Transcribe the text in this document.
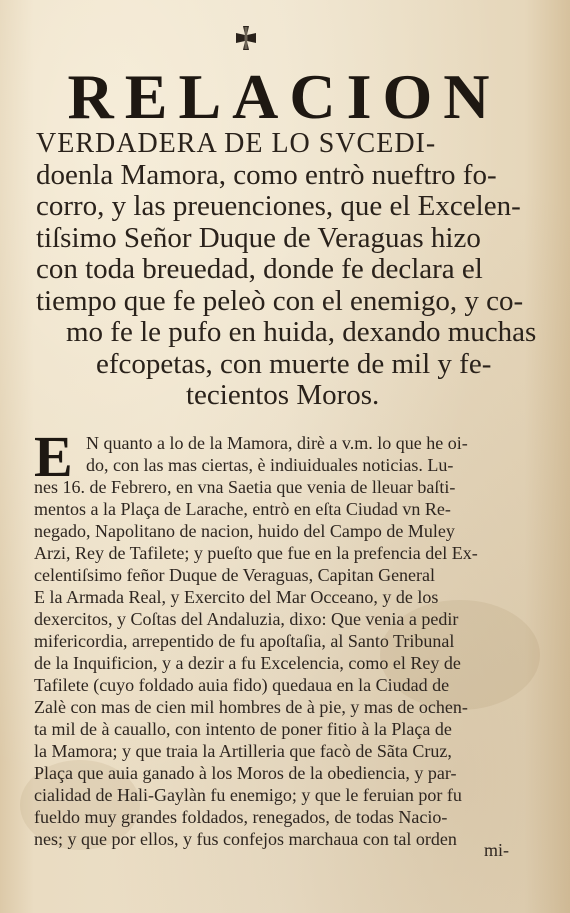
RELACION
VERDADERA DE LO SVCEDI-
doenla Mamora, como entrò nueftro fo-
corro, y las preuenciones, que el Excelen-
tiſsimo Señor Duque de Veraguas hizo
con toda breuedad, donde fe declara el
tiempo que fe peleò con el enemigo, y co-
mo fe le pufo en huida, dexando muchas
efcopetas, con muerte de mil y fe-
tecientos Moros.
E N quanto a lo de la Mamora, dirè a v.m. lo que he oi-
do, con las mas ciertas, è indiuiduales noticias. Lu-
nes 16. de Febrero, en vna Saetia que venia de lleuar baſti-
mentos a la Plaça de Larache, entrò en eſta Ciudad vn Re-
negado, Napolitano de nacion, huido del Campo de Muley
Arzi, Rey de Tafilete; y pueſto que fue en la prefencia del Ex-
celentiſsimo feñor Duque de Veraguas, Capitan General
E la Armada Real, y Exercito del Mar Occeano, y de los
dexercitos, y Coſtas del Andaluzia, dixo: Que venia a pedir
mifericordia, arrepentido de fu apoſtaſia, al Santo Tribunal
de la Inquificion, y a dezir a fu Excelencia, como el Rey de
Tafilete (cuyo foldado auia fido) quedaua en la Ciudad de
Zalè con mas de cien mil hombres de à pie, y mas de ochen-
ta mil de à cauallo, con intento de poner fitio à la Plaça de
la Mamora; y que traia la Artilleria que facò de Sãta Cruz,
Plaça que auia ganado à los Moros de la obediencia, y par-
cialidad de Hali-Gaylàn fu enemigo; y que le feruian por fu
fueldo muy grandes foldados, renegados, de todas Nacio-
nes; y que por ellos, y fus confejos marchaua con tal orden
mi-
